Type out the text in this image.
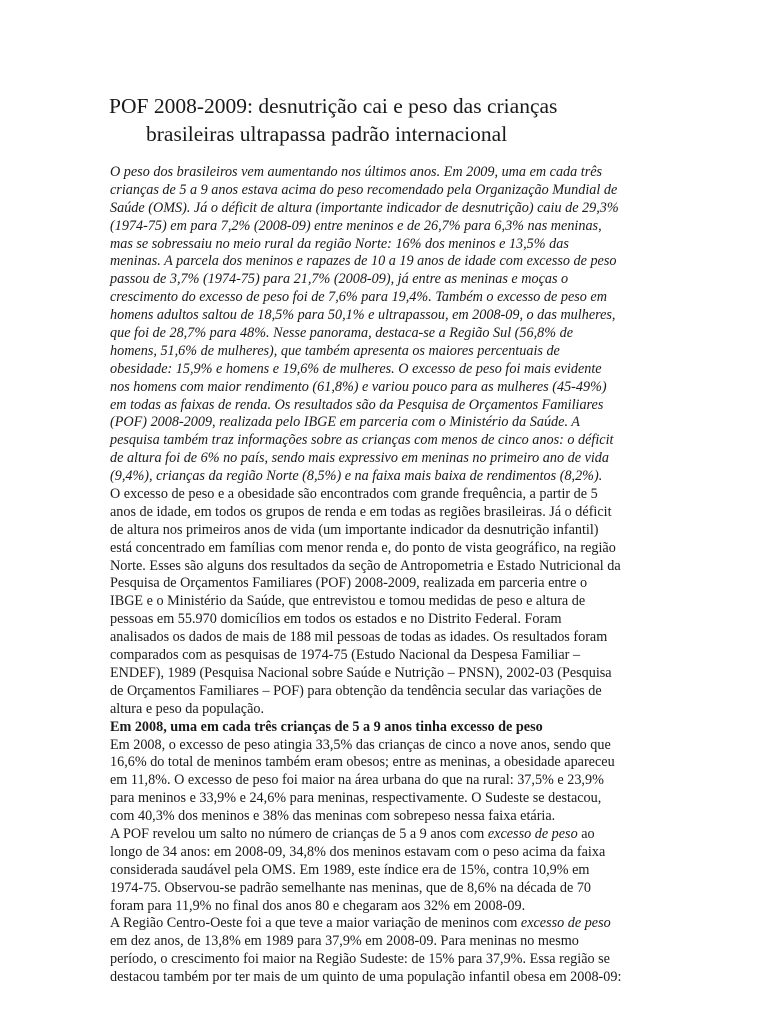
POF 2008-2009: desnutrição cai e peso das crianças
brasileiras ultrapassa padrão internacional
O peso dos brasileiros vem aumentando nos últimos anos. Em 2009, uma em cada três
crianças de 5 a 9 anos estava acima do peso recomendado pela Organização Mundial de
Saúde (OMS). Já o déficit de altura (importante indicador de desnutrição) caiu de 29,3%
(1974-75) em para 7,2% (2008-09) entre meninos e de 26,7% para 6,3% nas meninas,
mas se sobressaiu no meio rural da região Norte: 16% dos meninos e 13,5% das
meninas. A parcela dos meninos e rapazes de 10 a 19 anos de idade com excesso de peso
passou de 3,7% (1974-75) para 21,7% (2008-09), já entre as meninas e moças o
crescimento do excesso de peso foi de 7,6% para 19,4%. Também o excesso de peso em
homens adultos saltou de 18,5% para 50,1% e ultrapassou, em 2008-09, o das mulheres,
que foi de 28,7% para 48%. Nesse panorama, destaca-se a Região Sul (56,8% de
homens, 51,6% de mulheres), que também apresenta os maiores percentuais de
obesidade: 15,9% e homens e 19,6% de mulheres. O excesso de peso foi mais evidente
nos homens com maior rendimento (61,8%) e variou pouco para as mulheres (45-49%)
em todas as faixas de renda. Os resultados são da Pesquisa de Orçamentos Familiares
(POF) 2008-2009, realizada pelo IBGE em parceria com o Ministério da Saúde. A
pesquisa também traz informações sobre as crianças com menos de cinco anos: o déficit
de altura foi de 6% no país, sendo mais expressivo em meninas no primeiro ano de vida
(9,4%), crianças da região Norte (8,5%) e na faixa mais baixa de rendimentos (8,2%).
O excesso de peso e a obesidade são encontrados com grande frequência, a partir de 5
anos de idade, em todos os grupos de renda e em todas as regiões brasileiras. Já o déficit
de altura nos primeiros anos de vida (um importante indicador da desnutrição infantil)
está concentrado em famílias com menor renda e, do ponto de vista geográfico, na região
Norte. Esses são alguns dos resultados da seção de Antropometria e Estado Nutricional da
Pesquisa de Orçamentos Familiares (POF) 2008-2009, realizada em parceria entre o
IBGE e o Ministério da Saúde, que entrevistou e tomou medidas de peso e altura de
pessoas em 55.970 domicílios em todos os estados e no Distrito Federal. Foram
analisados os dados de mais de 188 mil pessoas de todas as idades. Os resultados foram
comparados com as pesquisas de 1974-75 (Estudo Nacional da Despesa Familiar –
ENDEF), 1989 (Pesquisa Nacional sobre Saúde e Nutrição – PNSN), 2002-03 (Pesquisa
de Orçamentos Familiares – POF) para obtenção da tendência secular das variações de
altura e peso da população.
Em 2008, uma em cada três crianças de 5 a 9 anos tinha excesso de peso
Em 2008, o excesso de peso atingia 33,5% das crianças de cinco a nove anos, sendo que
16,6% do total de meninos também eram obesos; entre as meninas, a obesidade apareceu
em 11,8%. O excesso de peso foi maior na área urbana do que na rural: 37,5% e 23,9%
para meninos e 33,9% e 24,6% para meninas, respectivamente. O Sudeste se destacou,
com 40,3% dos meninos e 38% das meninas com sobrepeso nessa faixa etária.
A POF revelou um salto no número de crianças de 5 a 9 anos com excesso de peso ao
longo de 34 anos: em 2008-09, 34,8% dos meninos estavam com o peso acima da faixa
considerada saudável pela OMS. Em 1989, este índice era de 15%, contra 10,9% em
1974-75. Observou-se padrão semelhante nas meninas, que de 8,6% na década de 70
foram para 11,9% no final dos anos 80 e chegaram aos 32% em 2008-09.
A Região Centro-Oeste foi a que teve a maior variação de meninos com excesso de peso
em dez anos, de 13,8% em 1989 para 37,9% em 2008-09. Para meninas no mesmo
período, o crescimento foi maior na Região Sudeste: de 15% para 37,9%. Essa região se
destacou também por ter mais de um quinto de uma população infantil obesa em 2008-09:
